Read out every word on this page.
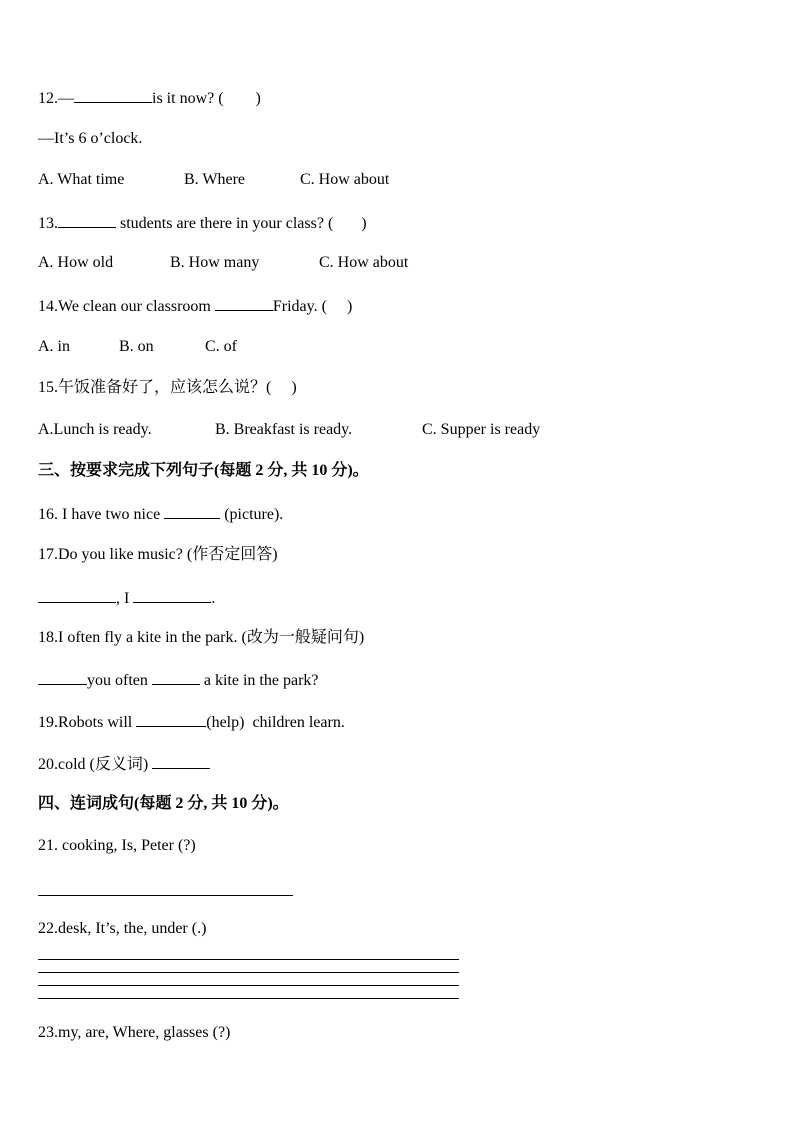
12.—	is it now? (        )
—It’s 6 o’clock.
A. What time	B. Where	C. How about
13.	students are there in your class? (       )
A. How old	B. How many	C. How about
14.We clean our classroom	Friday. (     )
A. in	B. on	C. of
15.午饭准备好了，应该怎么说？(     )
A.Lunch is ready.	B. Breakfast is ready.	C. Supper is ready
三、按要求完成下列句子(每题 2 分, 共 10 分)。
16. I have two nice	(picture).
17.Do you like music? (作否定回答)
, I	.
18.I often fly a kite in the park. (改为一般疑问句)
you often	a kite in the park?
19.Robots will	(help)  children learn.
20.cold (反义词)
四、连词成句(每题 2 分, 共 10 分)。
21. cooking, Is, Peter (?)
22.desk, It’s, the, under (.)
23.my, are, Where, glasses (?)
